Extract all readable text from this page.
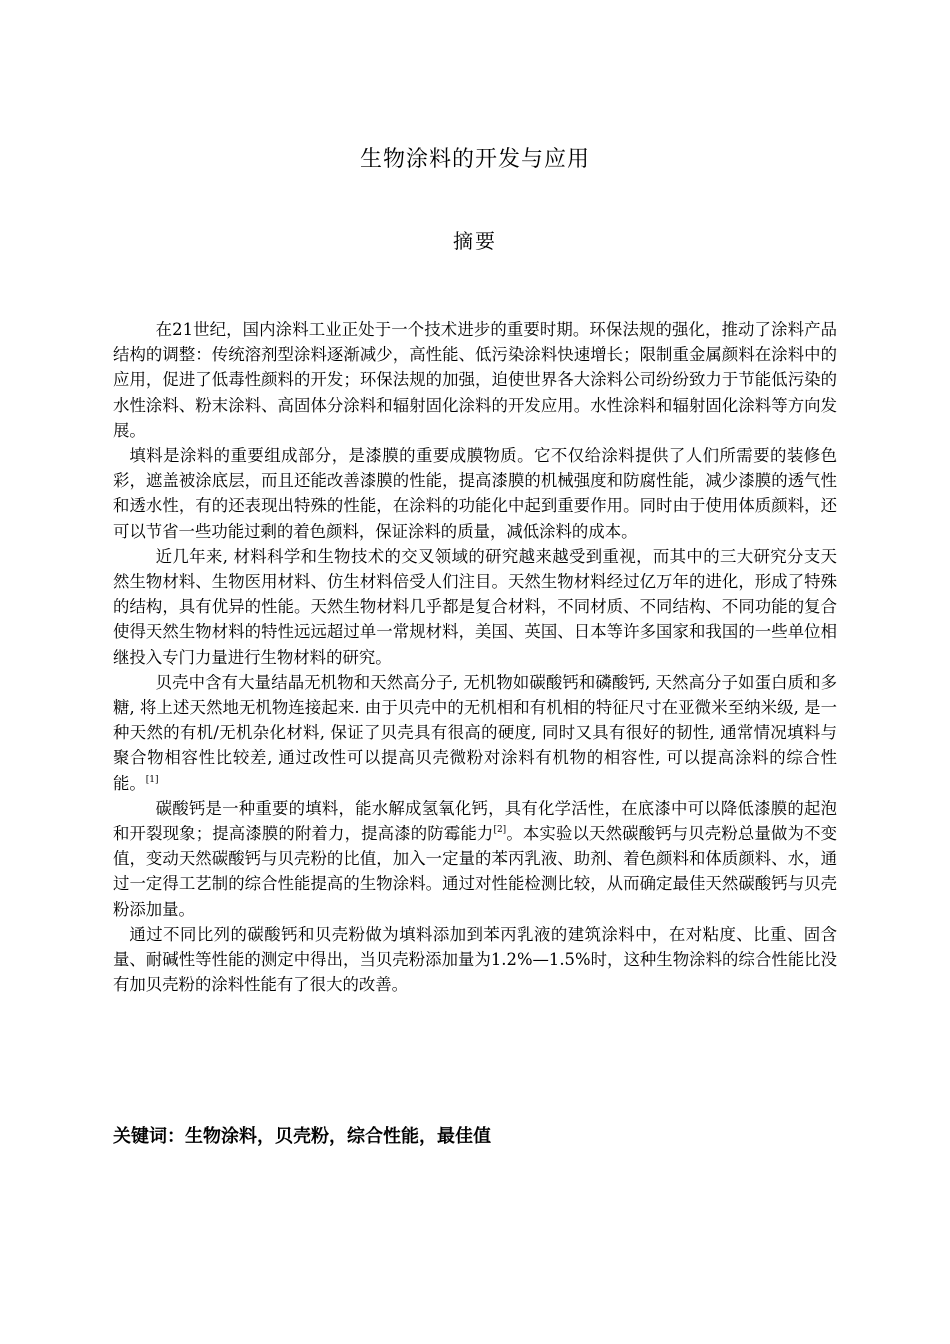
生物涂料的开发与应用
摘要

在21世纪，国内涂料工业正处于一个技术进步的重要时期。环保法规的强化，推动了涂料产品结构的调整：传统溶剂型涂料逐渐减少，高性能、低污染涂料快速增长；限制重金属颜料在涂料中的应用，促进了低毒性颜料的开发；环保法规的加强，迫使世界各大涂料公司纷纷致力于节能低污染的水性涂料、粉末涂料、高固体分涂料和辐射固化涂料的开发应用。水性涂料和辐射固化涂料等方向发展。

填料是涂料的重要组成部分，是漆膜的重要成膜物质。它不仅给涂料提供了人们所需要的装修色彩，遮盖被涂底层，而且还能改善漆膜的性能，提高漆膜的机械强度和防腐性能，减少漆膜的透气性和透水性，有的还表现出特殊的性能，在涂料的功能化中起到重要作用。同时由于使用体质颜料，还可以节省一些功能过剩的着色颜料，保证涂料的质量，减低涂料的成本。

近几年来, 材料科学和生物技术的交叉领域的研究越来越受到重视，而其中的三大研究分支天然生物材料、生物医用材料、仿生材料倍受人们注目。天然生物材料经过亿万年的进化，形成了特殊的结构，具有优异的性能。天然生物材料几乎都是复合材料，不同材质、不同结构、不同功能的复合使得天然生物材料的特性远远超过单一常规材料，美国、英国、日本等许多国家和我国的一些单位相继投入专门力量进行生物材料的研究。

贝壳中含有大量结晶无机物和天然高分子, 无机物如碳酸钙和磷酸钙, 天然高分子如蛋白质和多糖, 将上述天然地无机物连接起来. 由于贝壳中的无机相和有机相的特征尺寸在亚微米至纳米级, 是一种天然的有机/无机杂化材料, 保证了贝壳具有很高的硬度, 同时又具有很好的韧性, 通常情况填料与聚合物相容性比较差, 通过改性可以提高贝壳微粉对涂料有机物的相容性, 可以提高涂料的综合性能。[1]

碳酸钙是一种重要的填料，能水解成氢氧化钙，具有化学活性，在底漆中可以降低漆膜的起泡和开裂现象；提高漆膜的附着力，提高漆的防霉能力[2]。本实验以天然碳酸钙与贝壳粉总量做为不变值，变动天然碳酸钙与贝壳粉的比值，加入一定量的苯丙乳液、助剂、着色颜料和体质颜料、水，通过一定得工艺制的综合性能提高的生物涂料。通过对性能检测比较，从而确定最佳天然碳酸钙与贝壳粉添加量。

通过不同比列的碳酸钙和贝壳粉做为填料添加到苯丙乳液的建筑涂料中，在对粘度、比重、固含量、耐碱性等性能的测定中得出，当贝壳粉添加量为1.2%—1.5%时，这种生物涂料的综合性能比没有加贝壳粉的涂料性能有了很大的改善。

关键词：生物涂料，贝壳粉，综合性能，最佳值
